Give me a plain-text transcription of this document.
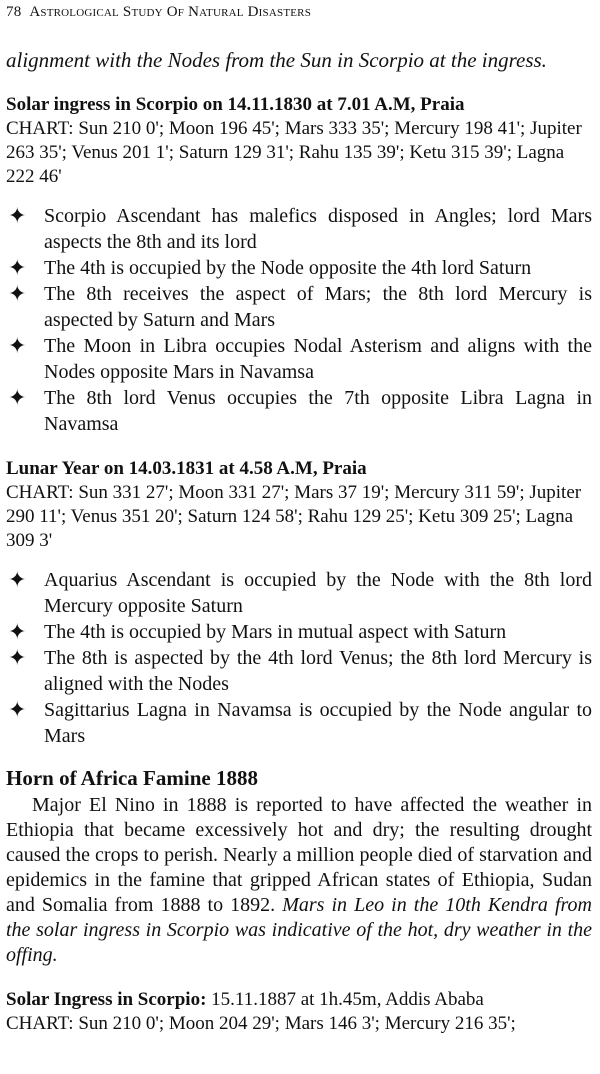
78 Astrological Study Of Natural Disasters

alignment with the Nodes from the Sun in Scorpio at the ingress.

Solar ingress in Scorpio on 14.11.1830 at 7.01 A.M, Praia

CHART: Sun 210 0'; Moon 196 45'; Mars 333 35'; Mercury 198 41'; Jupiter 263 35'; Venus 201 1'; Saturn 129 31'; Rahu 135 39'; Ketu 315 39'; Lagna 222 46'

✦ Scorpio Ascendant has malefics disposed in Angles; lord Mars aspects the 8th and its lord
✦ The 4th is occupied by the Node opposite the 4th lord Saturn
✦ The 8th receives the aspect of Mars; the 8th lord Mercury is aspected by Saturn and Mars
✦ The Moon in Libra occupies Nodal Asterism and aligns with the Nodes opposite Mars in Navamsa
✦ The 8th lord Venus occupies the 7th opposite Libra Lagna in Navamsa

Lunar Year on 14.03.1831 at 4.58 A.M, Praia

CHART: Sun 331 27'; Moon 331 27'; Mars 37 19'; Mercury 311 59'; Jupiter 290 11'; Venus 351 20'; Saturn 124 58'; Rahu 129 25'; Ketu 309 25'; Lagna 309 3'

✦ Aquarius Ascendant is occupied by the Node with the 8th lord Mercury opposite Saturn
✦ The 4th is occupied by Mars in mutual aspect with Saturn
✦ The 8th is aspected by the 4th lord Venus; the 8th lord Mercury is aligned with the Nodes
✦ Sagittarius Lagna in Navamsa is occupied by the Node angular to Mars

Horn of Africa Famine 1888

Major El Nino in 1888 is reported to have affected the weather in Ethiopia that became excessively hot and dry; the resulting drought caused the crops to perish. Nearly a million people died of starvation and epidemics in the famine that gripped African states of Ethiopia, Sudan and Somalia from 1888 to 1892. Mars in Leo in the 10th Kendra from the solar ingress in Scorpio was indicative of the hot, dry weather in the offing.

Solar Ingress in Scorpio: 15.11.1887 at 1h.45m, Addis Ababa

CHART: Sun 210 0'; Moon 204 29'; Mars 146 3'; Mercury 216 35';
